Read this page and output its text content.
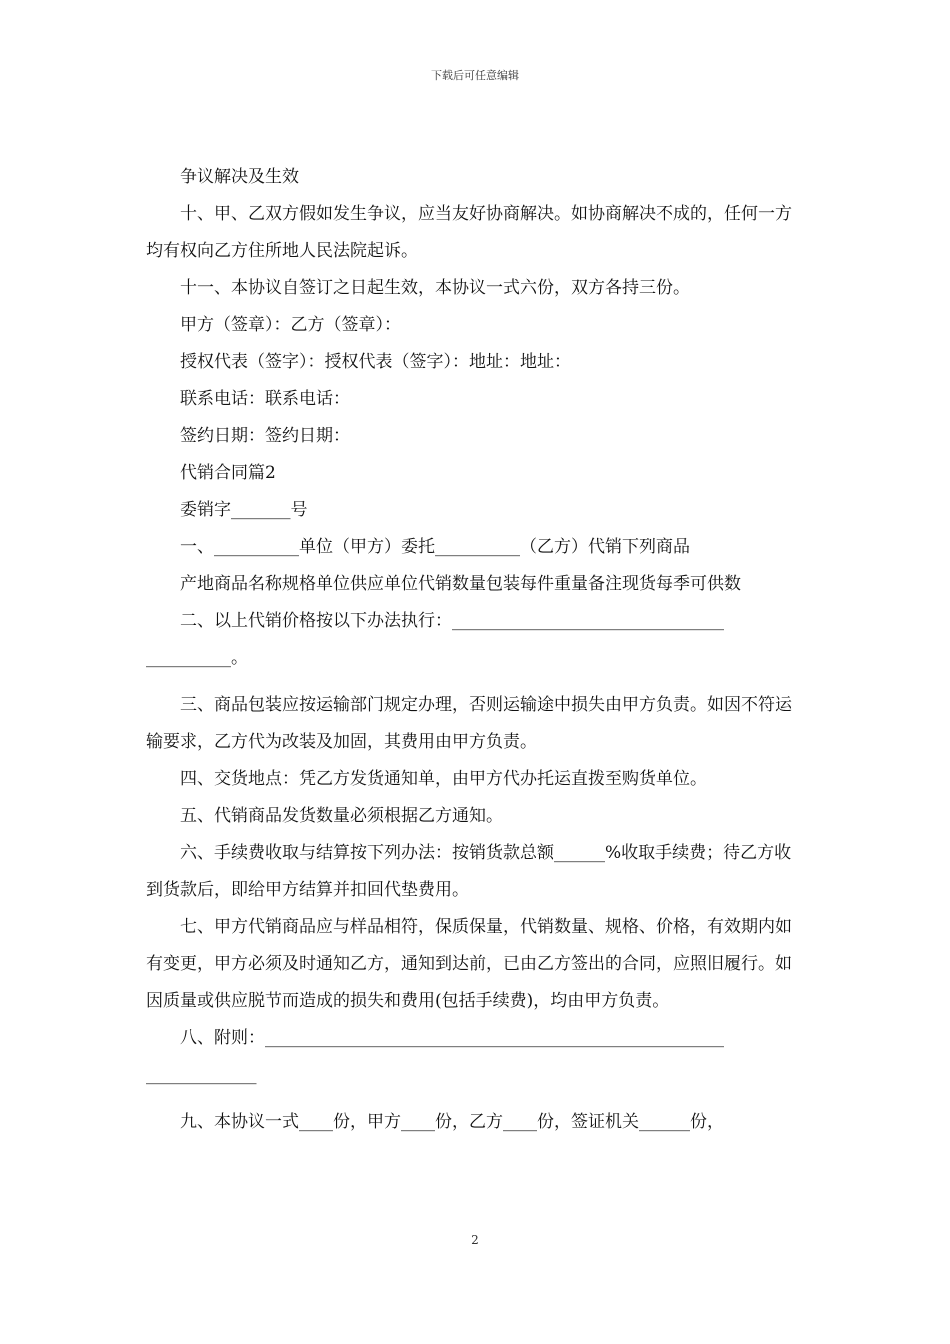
下载后可任意编辑

争议解决及生效

十、甲、乙双方假如发生争议，应当友好协商解决。如协商解决不成的，任何一方均有权向乙方住所地人民法院起诉。

十一、本协议自签订之日起生效，本协议一式六份，双方各持三份。

甲方（签章）：乙方（签章）：

授权代表（签字）：授权代表（签字）：地址：地址：

联系电话：联系电话：

签约日期：签约日期：

代销合同篇2

委销字_______号

一、__________单位（甲方）委托__________（乙方）代销下列商品

产地商品名称规格单位供应单位代销数量包装每件重量备注现货每季可供数

二、以上代销价格按以下办法执行：________________________________
__________。

三、商品包装应按运输部门规定办理，否则运输途中损失由甲方负责。如因不符运输要求，乙方代为改装及加固，其费用由甲方负责。

四、交货地点：凭乙方发货通知单，由甲方代办托运直拨至购货单位。

五、代销商品发货数量必须根据乙方通知。

六、手续费收取与结算按下列办法：按销货款总额______%收取手续费；待乙方收到货款后，即给甲方结算并扣回代垫费用。

七、甲方代销商品应与样品相符，保质保量，代销数量、规格、价格，有效期内如有变更，甲方必须及时通知乙方，通知到达前，已由乙方签出的合同，应照旧履行。如因质量或供应脱节而造成的损失和费用(包括手续费)，均由甲方负责。

八、附则：______________________________________________________
_____________

九、本协议一式____份，甲方____份，乙方____份，签证机关______份，

2
